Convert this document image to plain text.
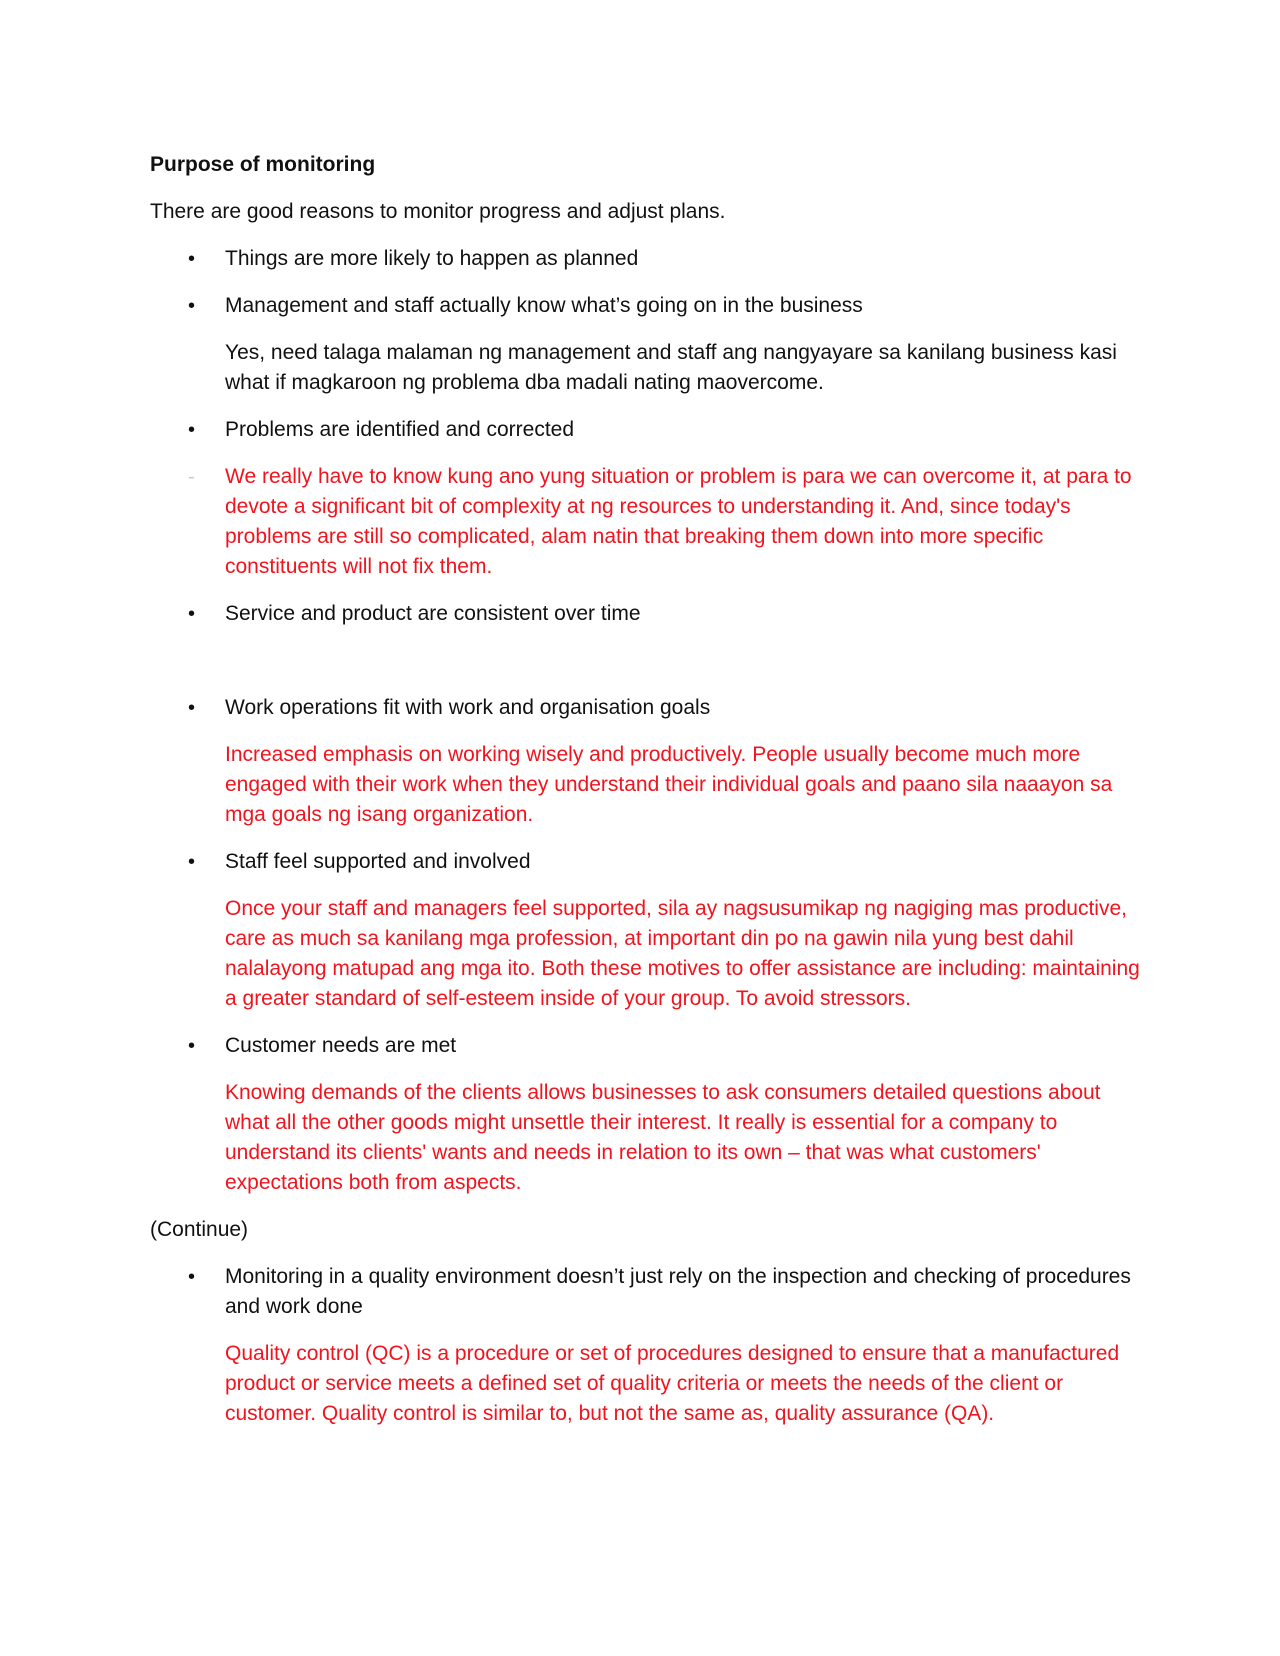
Purpose of monitoring

There are good reasons to monitor progress and adjust plans.

•	Things are more likely to happen as planned
•	Management and staff actually know what’s going on in the business

Yes, need talaga malaman ng management and staff ang nangyayare sa kanilang business kasi what if magkaroon ng problema dba madali nating maovercome.

•	Problems are identified and corrected
-	We really have to know kung ano yung situation or problem is para we can overcome it, at para to devote a significant bit of complexity at ng resources to understanding it. And, since today's problems are still so complicated, alam natin that breaking them down into more specific constituents will not fix them.
•	Service and product are consistent over time
•	Work operations fit with work and organisation goals

Increased emphasis on working wisely and productively. People usually become much more engaged with their work when they understand their individual goals and paano sila naaayon sa mga goals ng isang organization.

•	Staff feel supported and involved

Once your staff and managers feel supported, sila ay nagsusumikap ng nagiging mas productive, care as much sa kanilang mga profession, at important din po na gawin nila yung best dahil nalalayong matupad ang mga ito. Both these motives to offer assistance are including: maintaining a greater standard of self-esteem inside of your group. To avoid stressors.

•	Customer needs are met

Knowing demands of the clients allows businesses to ask consumers detailed questions about what all the other goods might unsettle their interest. It really is essential for a company to understand its clients' wants and needs in relation to its own – that was what customers' expectations both from aspects.

(Continue)

•	Monitoring in a quality environment doesn’t just rely on the inspection and checking of procedures and work done

Quality control (QC) is a procedure or set of procedures designed to ensure that a manufactured product or service meets a defined set of quality criteria or meets the needs of the client or customer. Quality control is similar to, but not the same as, quality assurance (QA).
